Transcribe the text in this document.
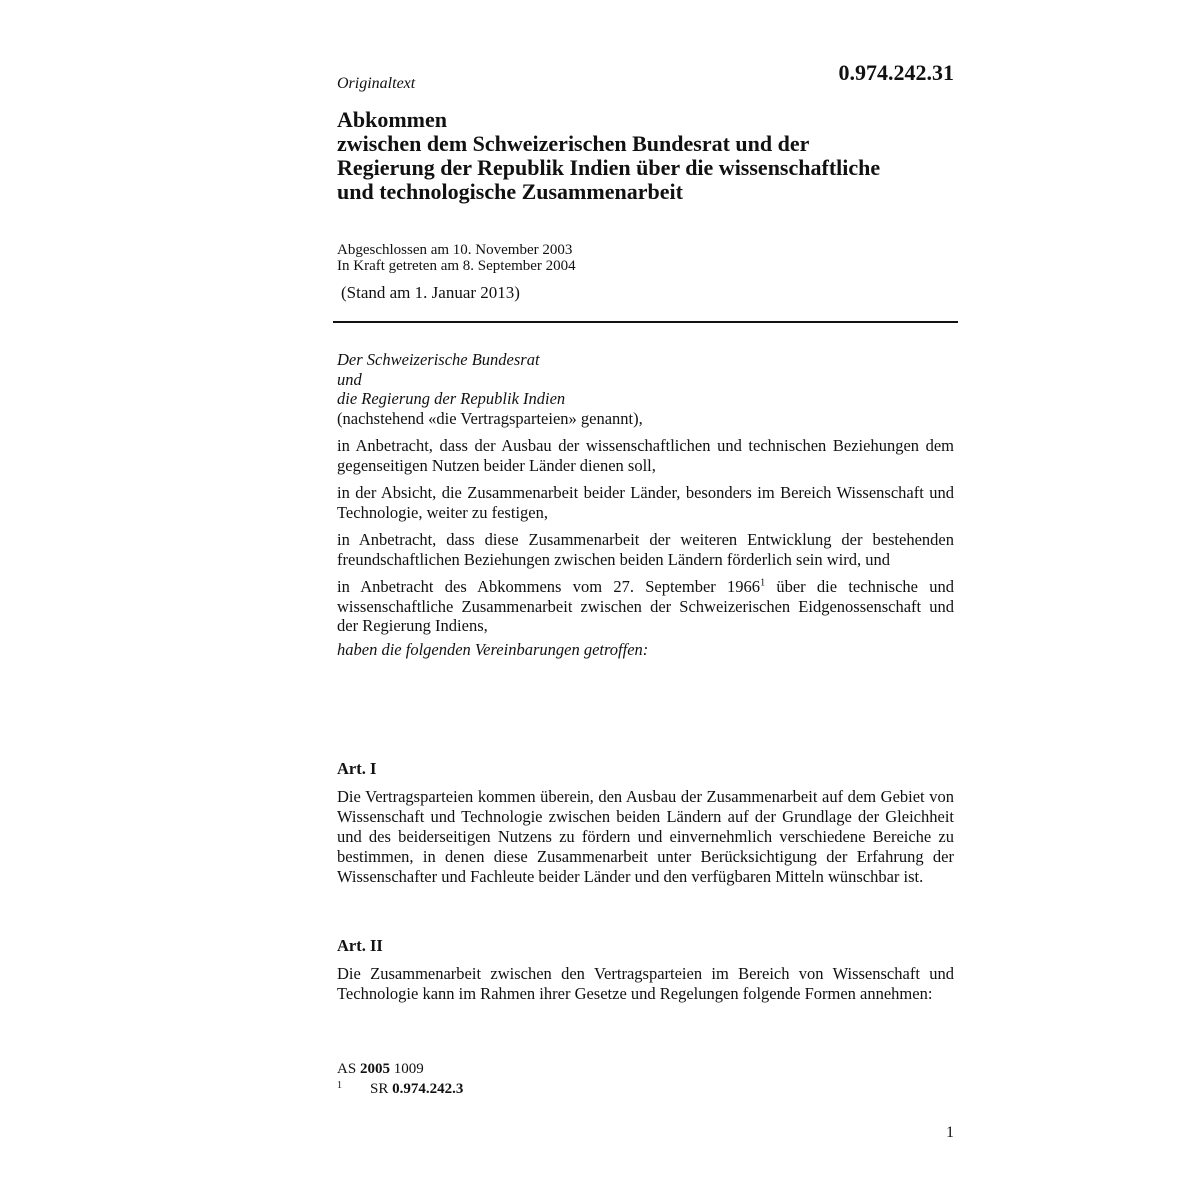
0.974.242.31
Originaltext
Abkommen
zwischen dem Schweizerischen Bundesrat und der
Regierung der Republik Indien über die wissenschaftliche
und technologische Zusammenarbeit
Abgeschlossen am 10. November 2003
In Kraft getreten am 8. September 2004
(Stand am 1. Januar 2013)

Der Schweizerische Bundesrat

und

die Regierung der Republik Indien

(nachstehend «die Vertragsparteien» genannt),

in Anbetracht, dass der Ausbau der wissenschaftlichen und technischen Beziehungen dem gegenseitigen Nutzen beider Länder dienen soll,

in der Absicht, die Zusammenarbeit beider Länder, besonders im Bereich Wissenschaft und Technologie, weiter zu festigen,

in Anbetracht, dass diese Zusammenarbeit der weiteren Entwicklung der bestehenden freundschaftlichen Beziehungen zwischen beiden Ländern förderlich sein wird, und

in Anbetracht des Abkommens vom 27. September 1966$^1$ über die technische und wissenschaftliche Zusammenarbeit zwischen der Schweizerischen Eidgenossenschaft und der Regierung Indiens,

haben die folgenden Vereinbarungen getroffen:

Art. I

Die Vertragsparteien kommen überein, den Ausbau der Zusammenarbeit auf dem Gebiet von Wissenschaft und Technologie zwischen beiden Ländern auf der Grundlage der Gleichheit und des beiderseitigen Nutzens zu fördern und einvernehmlich verschiedene Bereiche zu bestimmen, in denen diese Zusammenarbeit unter Berücksichtigung der Erfahrung der Wissenschafter und Fachleute beider Länder und den verfügbaren Mitteln wünschbar ist.

Art. II

Die Zusammenarbeit zwischen den Vertragsparteien im Bereich von Wissenschaft und Technologie kann im Rahmen ihrer Gesetze und Regelungen folgende Formen annehmen:

AS 2005 1009
1	SR 0.974.242.3
1
